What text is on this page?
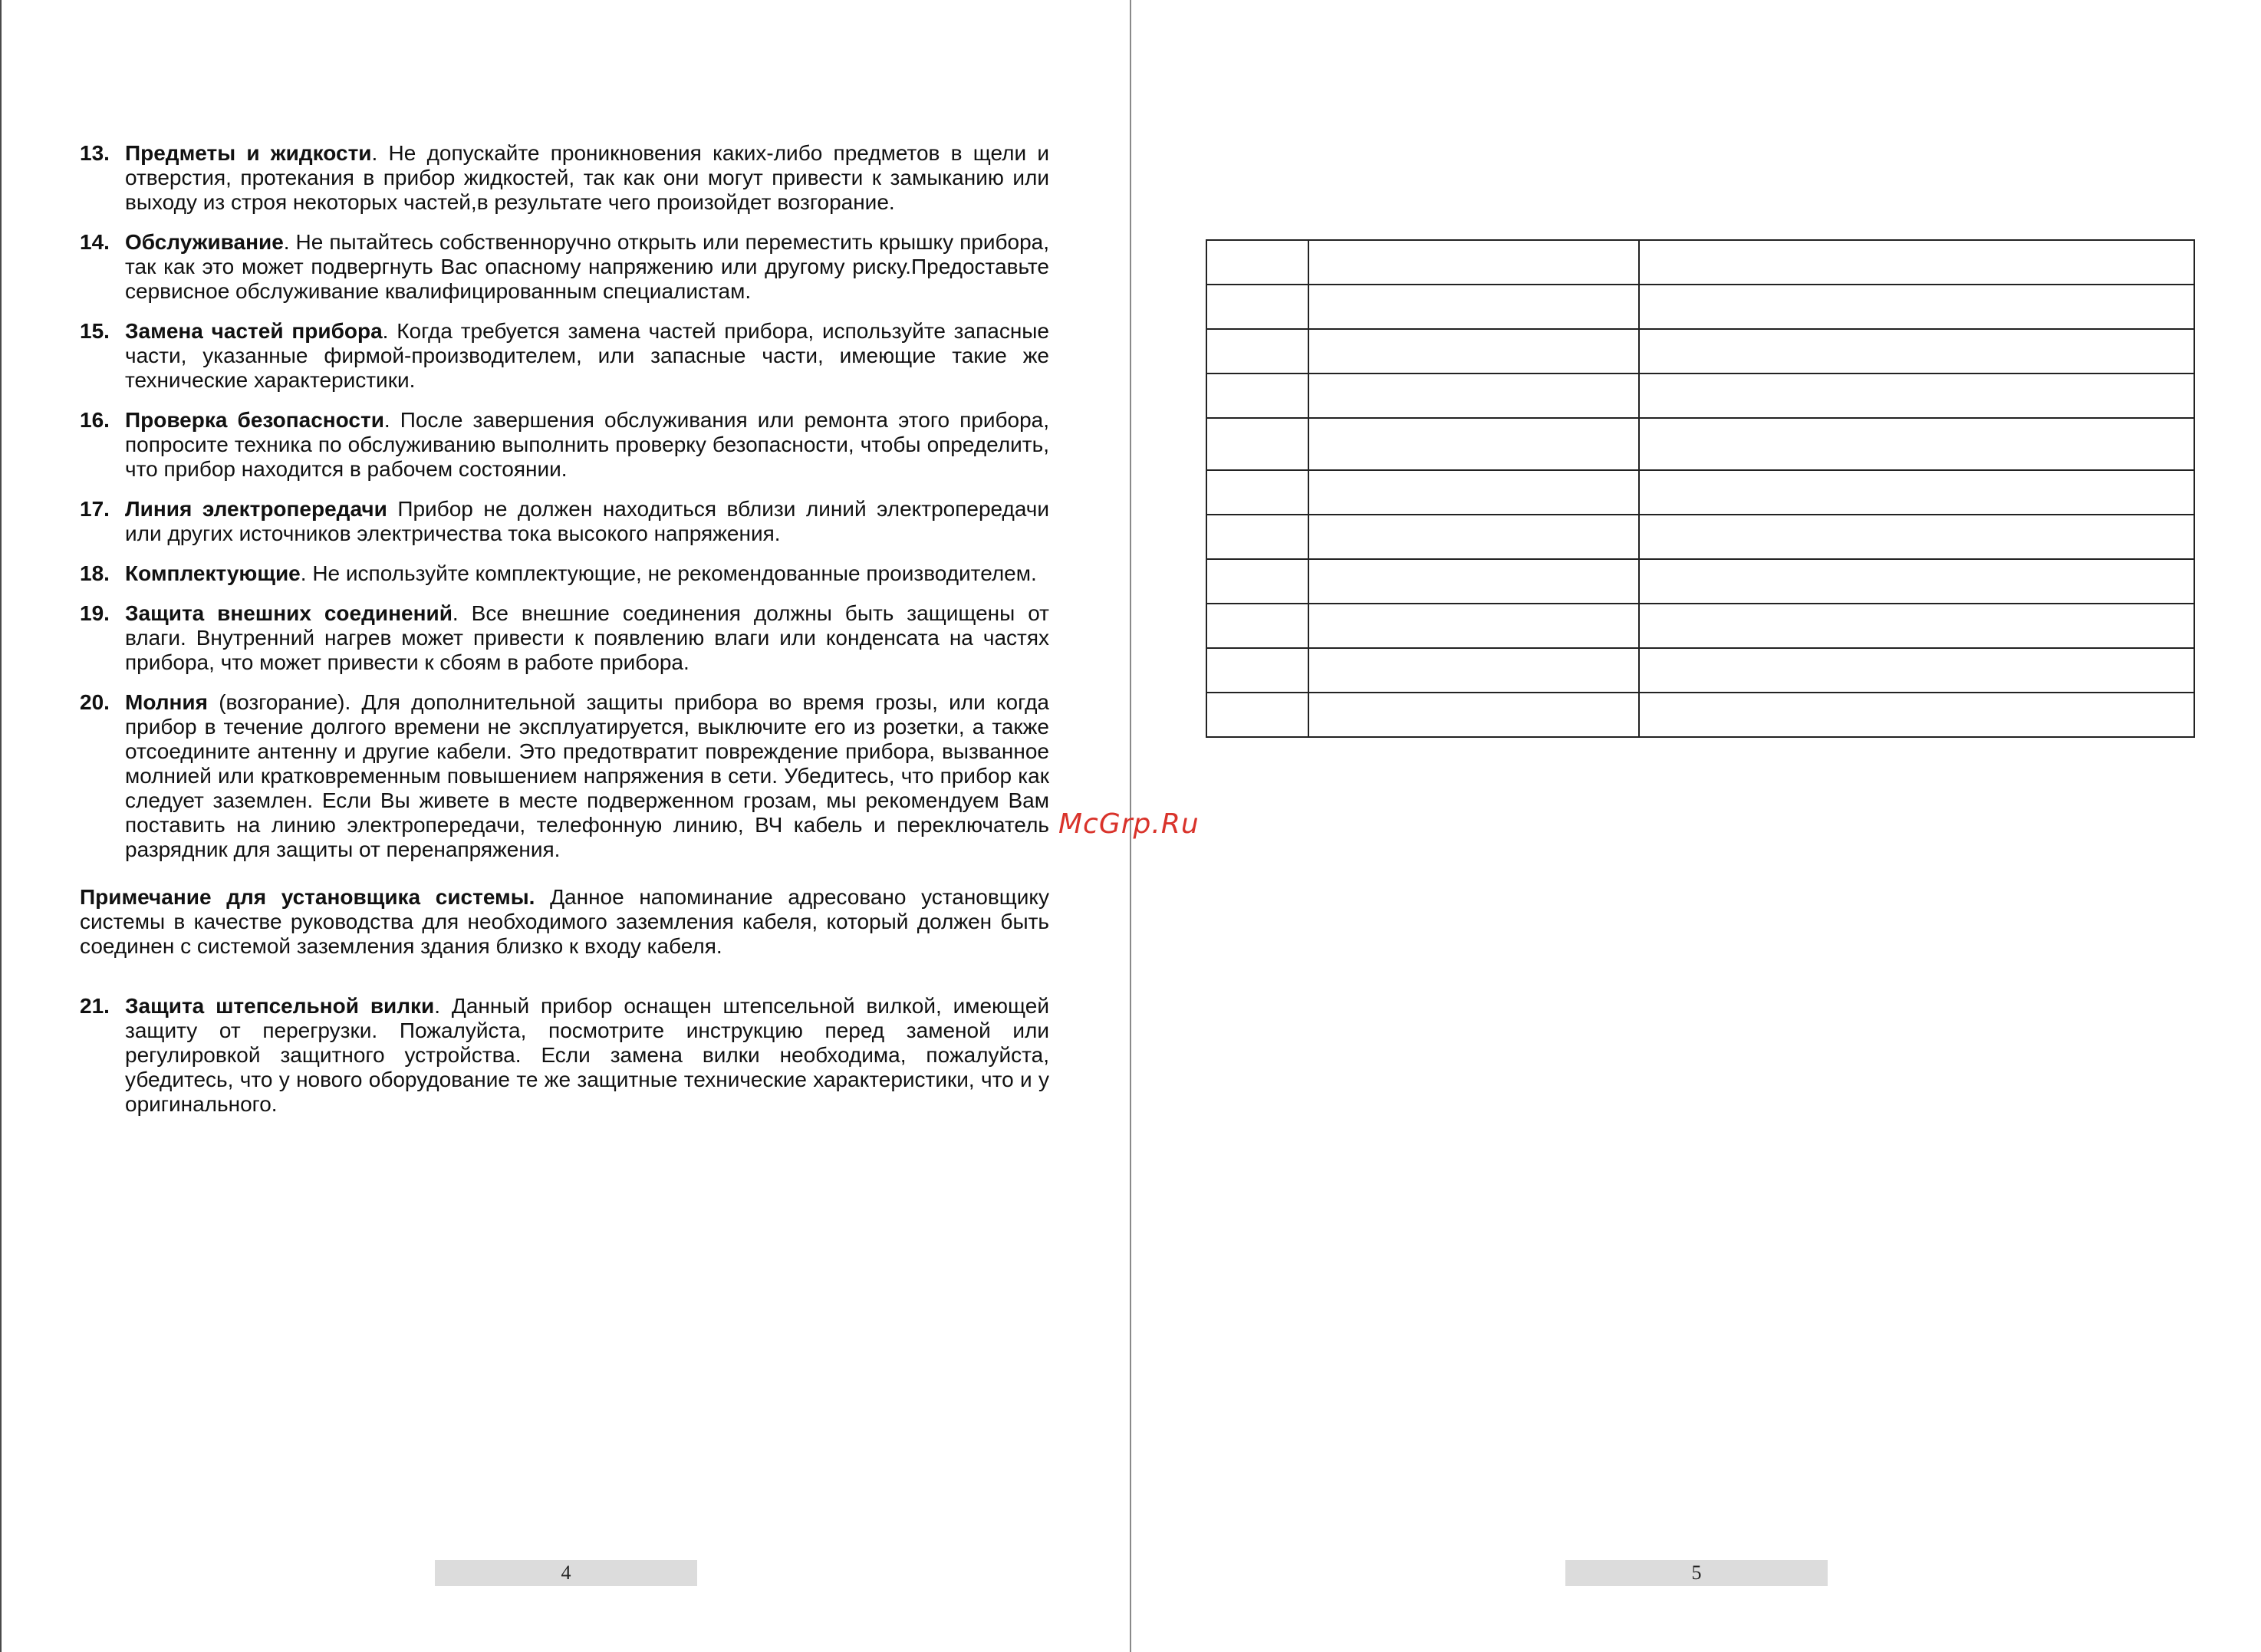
13. Предметы и жидкости. Не допускайте проникновения каких-либо предметов в щели и отверстия, протекания в прибор жидкостей, так как они могут привести к замыканию или выходу из строя некоторых частей,в результате чего произойдет возгорание.
14. Обслуживание. Не пытайтесь собственноручно открыть или переместить крышку прибора, так как это может подвергнуть Вас опасному напряжению или другому риску.Предоставьте сервисное обслуживание квалифицированным специалистам.
15. Замена частей прибора. Когда требуется замена частей прибора, используйте запасные части, указанные фирмой-производителем, или запасные части, имеющие такие же технические характеристики.
16. Проверка безопасности. После завершения обслуживания или ремонта этого прибора, попросите техника по обслуживанию выполнить проверку безопасности, чтобы определить, что прибор находится в рабочем состоянии.
17. Линия электропередачи Прибор не должен находиться вблизи линий электропередачи или других источников электричества тока высокого напряжения.
18. Комплектующие. Не используйте комплектующие, не рекомендованные производителем.
19. Защита внешних соединений. Все внешние соединения должны быть защищены от влаги. Внутренний нагрев может привести к появлению влаги или конденсата на частях прибора, что может привести к сбоям в работе прибора.
20. Молния (возгорание). Для дополнительной защиты прибора во время грозы, или когда прибор в течение долгого времени не эксплуатируется, выключите его из розетки, а также отсоедините антенну и другие кабели. Это предотвратит повреждение прибора, вызванное молнией или кратковременным повышением напряжения в сети. Убедитесь, что прибор как следует заземлен. Если Вы живете в месте подверженном грозам, мы рекомендуем Вам поставить на линию электропередачи, телефонную линию, ВЧ кабель и переключатель разрядник для защиты от перенапряжения.
Примечание для установщика системы. Данное напоминание адресовано установщику системы в качестве руководства для необходимого заземления кабеля, который должен быть соединен с системой заземления здания близко к входу кабеля.
21. Защита штепсельной вилки. Данный прибор оснащен штепсельной вилкой, имеющей защиту от перегрузки. Пожалуйста, посмотрите инструкцию перед заменой или регулировкой защитного устройства. Если замена вилки необходима, пожалуйста, убедитесь, что у нового оборудование те же защитные технические характеристики, что и у оригинального.

McGrp.Ru
4	5
